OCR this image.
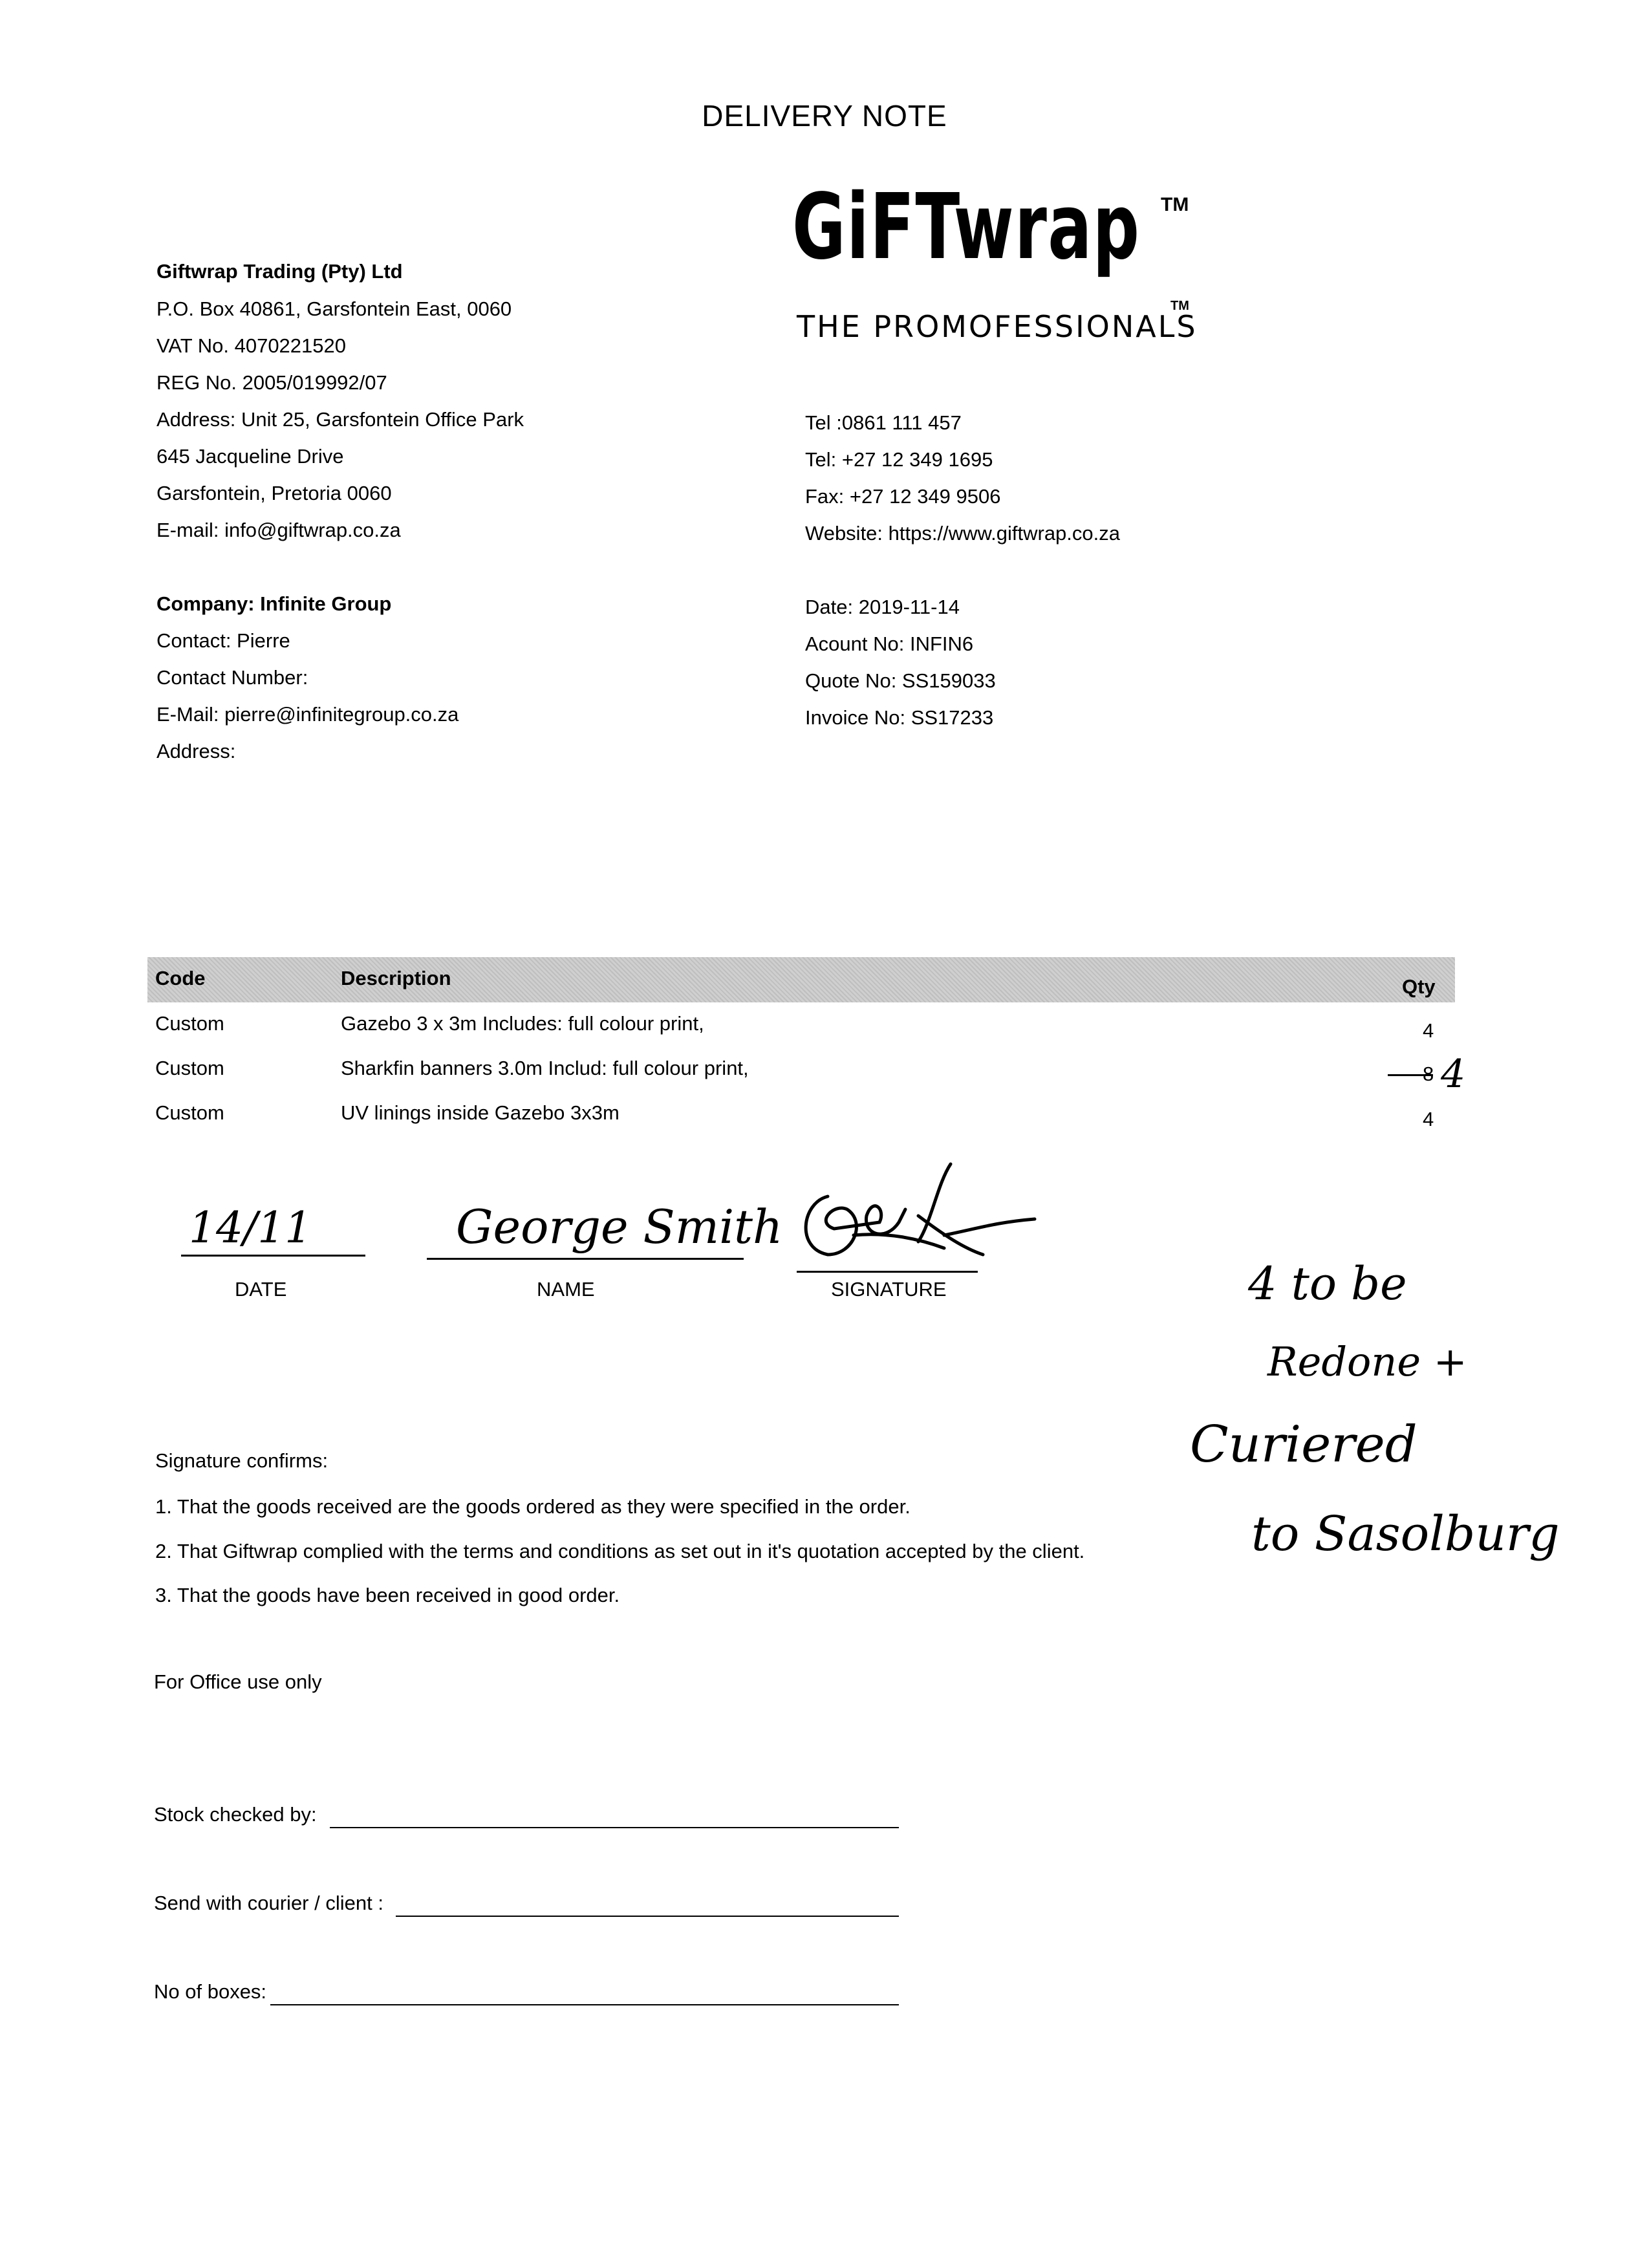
DELIVERY NOTE
GiFTwrap TM
THE PROMOFESSIONALS
TM
Giftwrap Trading (Pty) Ltd
P.O. Box 40861, Garsfontein East, 0060
VAT No. 4070221520
REG No. 2005/019992/07
Address: Unit 25, Garsfontein Office Park
645 Jacqueline Drive
Garsfontein, Pretoria 0060
E-mail: info@giftwrap.co.za
Tel :0861 111 457
Tel: +27 12 349 1695
Fax: +27 12 349 9506
Website: https://www.giftwrap.co.za
Company: Infinite Group
Contact: Pierre
Contact Number:
E-Mail: pierre@infinitegroup.co.za
Address:
Date: 2019-11-14
Acount No: INFIN6
Quote No: SS159033
Invoice No: SS17233
Code	Description	Qty
Custom	Gazebo 3 x 3m Includes: full colour print,	4
Custom	Sharkfin banners 3.0m Includ: full colour print,	8 4
Custom	UV linings inside Gazebo 3x3m	4
14/11
DATE
George Smith
NAME	SIGNATURE	4 to be
Redone +
Curiered
to Sasolburg
Signature confirms:
1. That the goods received are the goods ordered as they were specified in the order.
2. That Giftwrap complied with the terms and conditions as set out in it's quotation accepted by the client.
3. That the goods have been received in good order.
For Office use only
Stock checked by:
Send with courier / client :
No of boxes:
